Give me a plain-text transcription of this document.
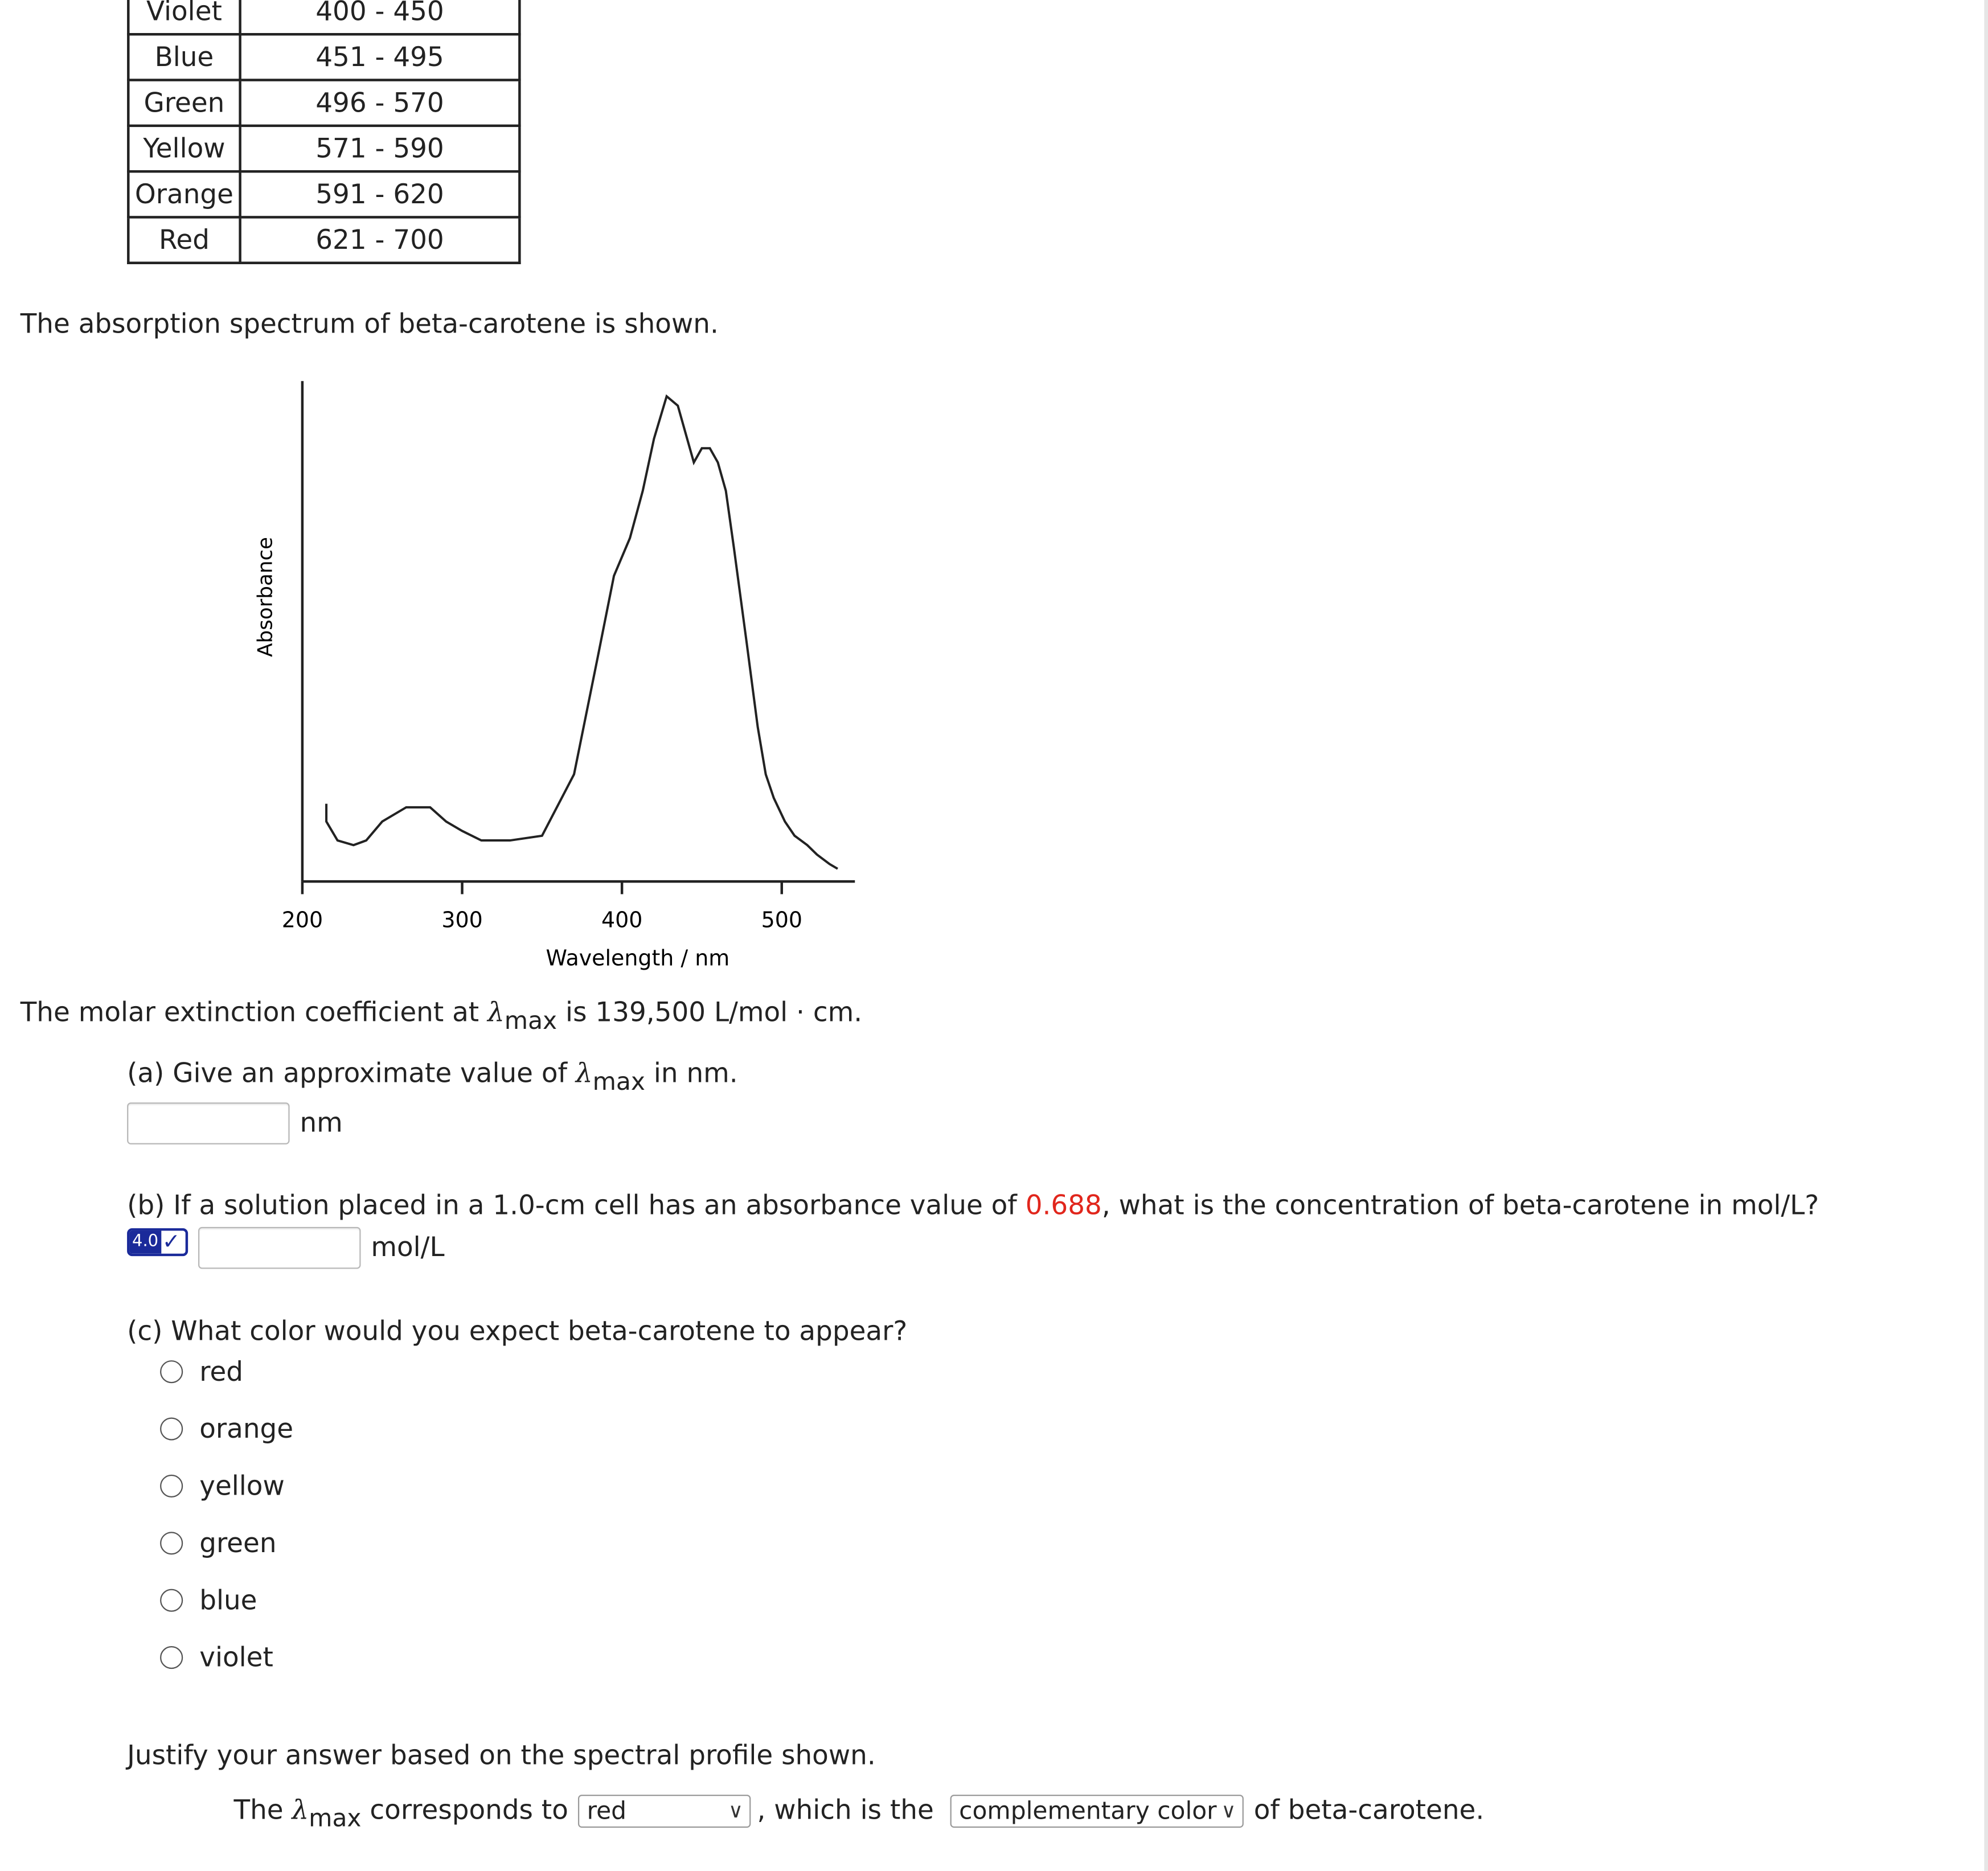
Violet	400 - 450
Blue	451 - 495
Green	496 - 570
Yellow	571 - 590
Orange	591 - 620
Red	621 - 700
The absorption spectrum of beta-carotene is shown.
200	300	400	500
Absorbance
Wavelength / nm
The molar extinction coefficient at $\lambda_{max}$ is 139,500 L/mol · cm.
(a) Give an approximate value of $\lambda_{max}$ in nm.
nm
(b) If a solution placed in a 1.0-cm cell has an absorbance value of 0.688, what is the concentration of beta-carotene in mol/L?
4.0 ✓	mol/L
(c) What color would you expect beta-carotene to appear?
red
orange
yellow
green
blue
violet
Justify your answer based on the spectral profile shown.
The $\lambda_{max}$ corresponds to	red	∨ , which is the	complementary color ∨ of beta-carotene.
